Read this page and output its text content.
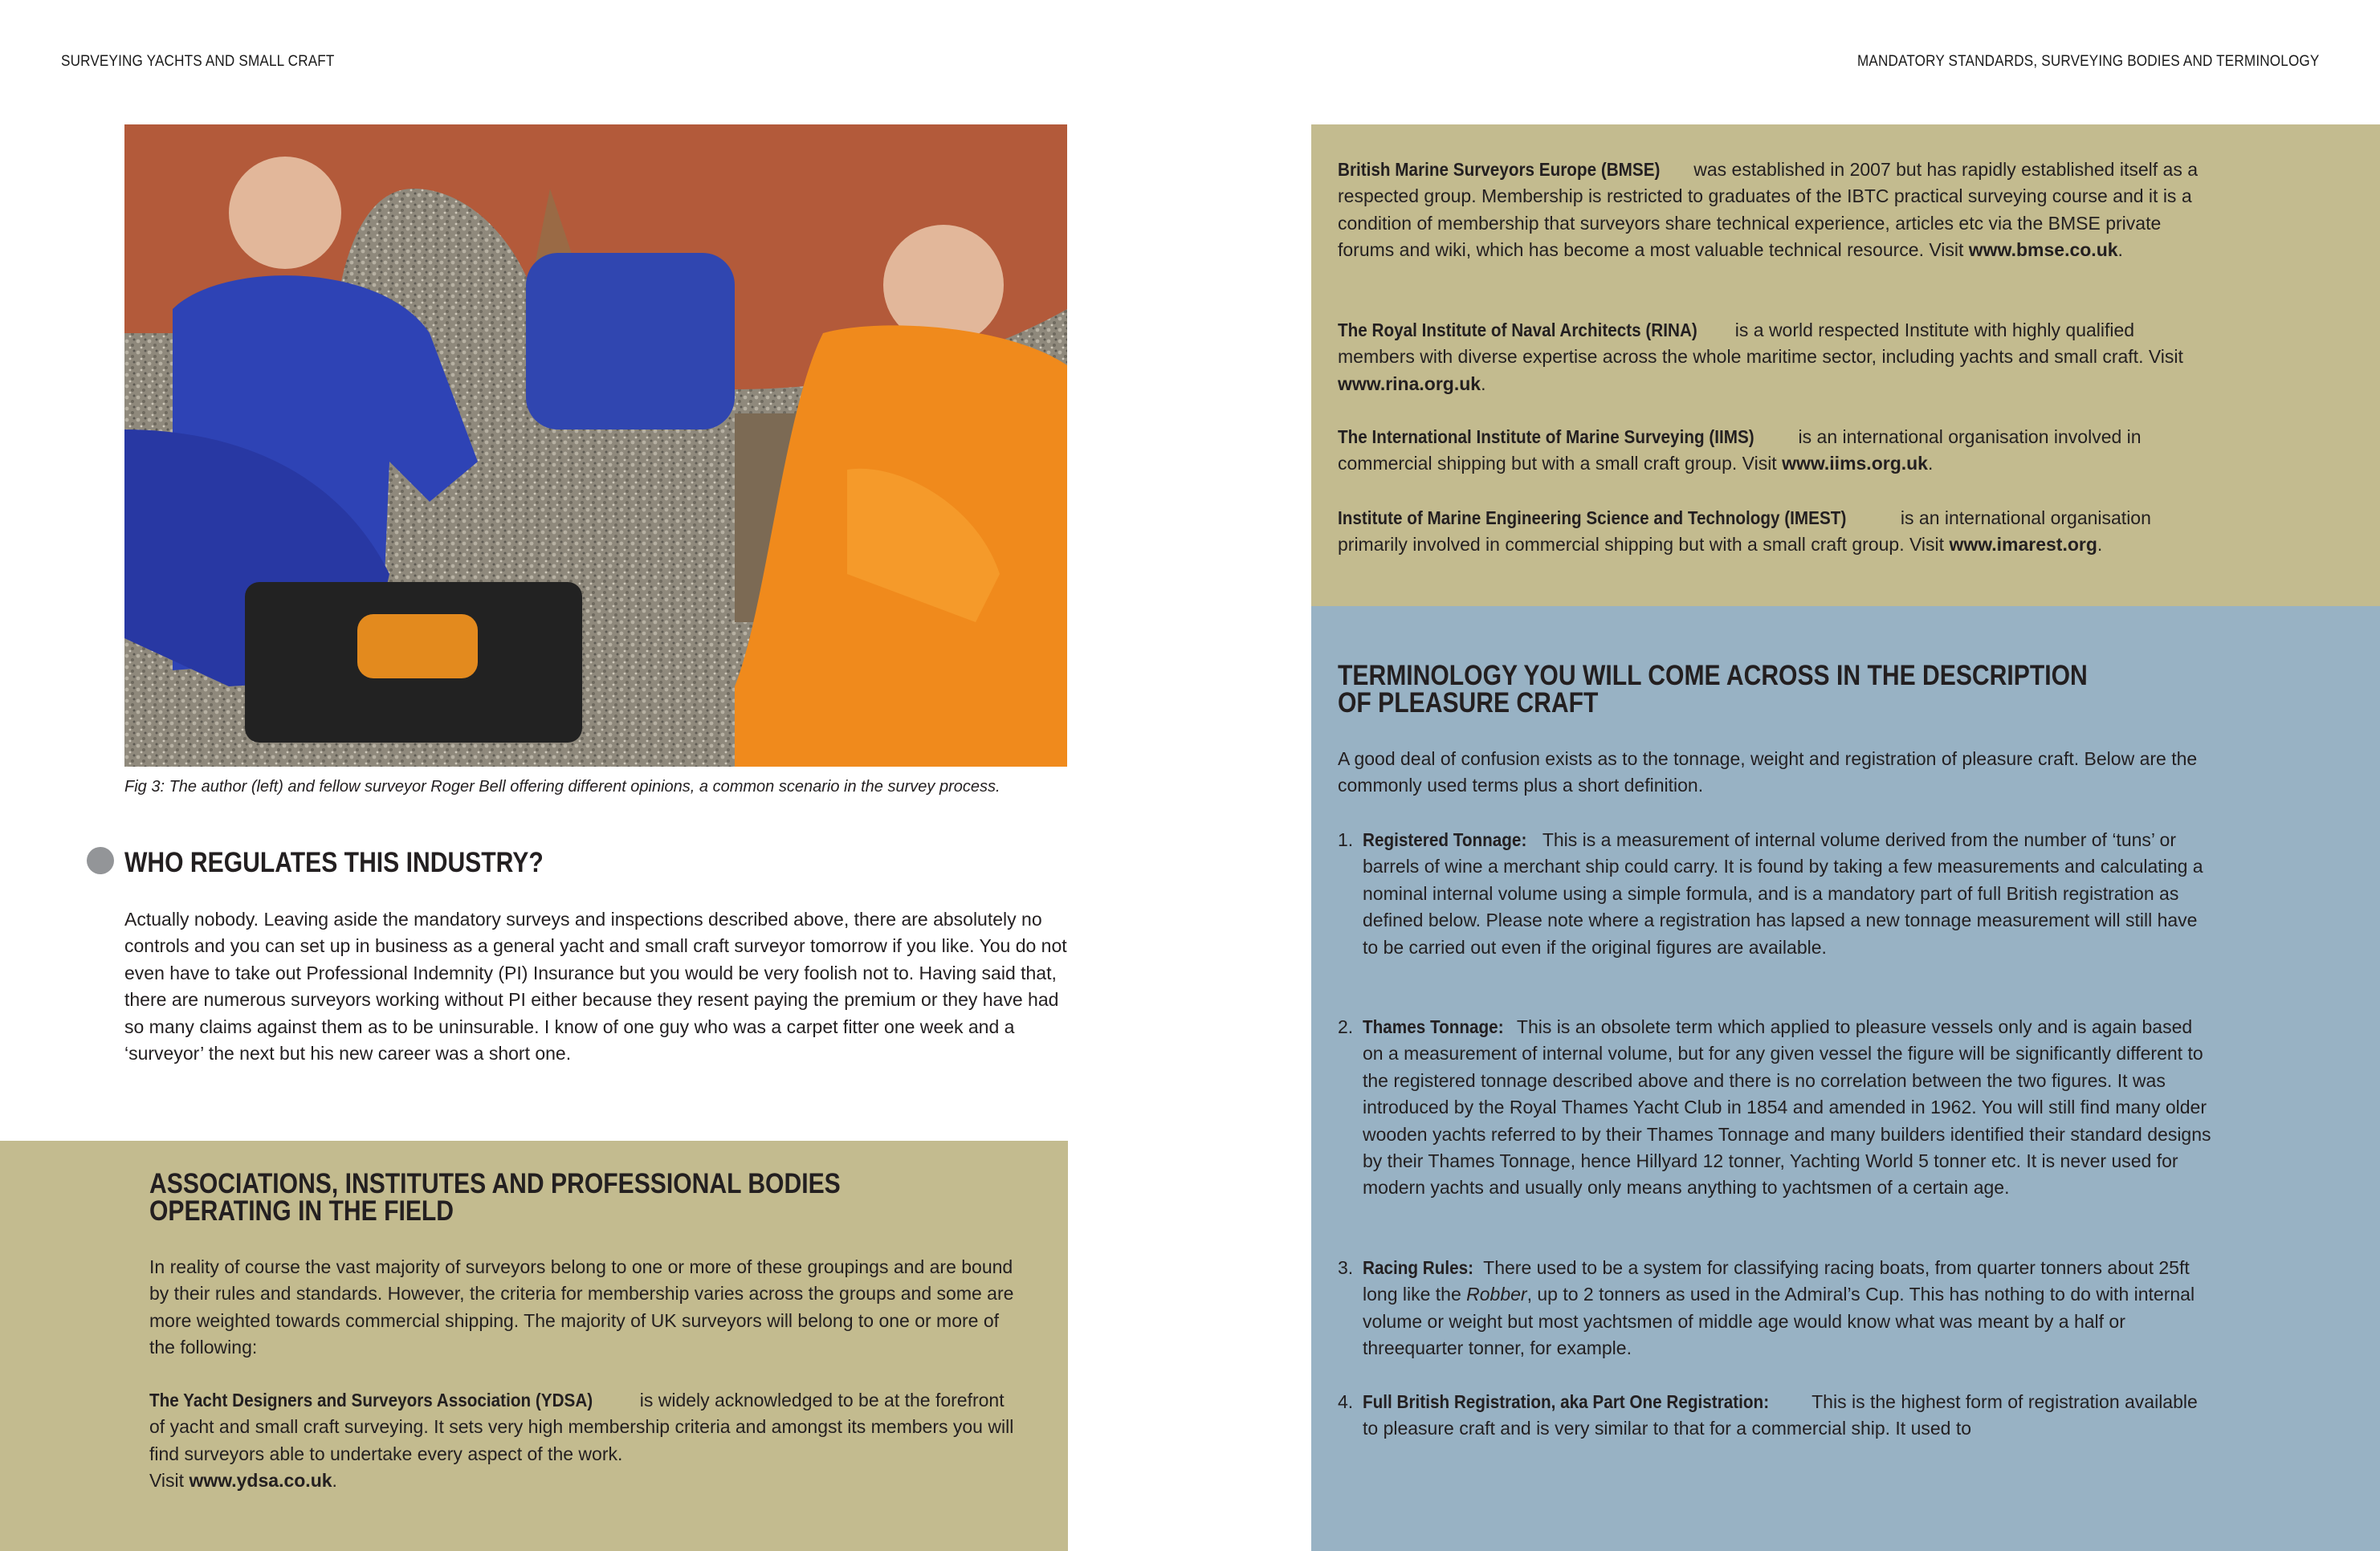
SURVEYING YACHTS AND SMALL CRAFT	MANDATORY STANDARDS, SURVEYING BODIES AND TERMINOLOGY
Fig 3: The author (left) and fellow surveyor Roger Bell offering different opinions, a common scenario in the survey process.
WHO REGULATES THIS INDUSTRY?
Actually nobody. Leaving aside the mandatory surveys and inspections described above, there are absolutely no controls and you can set up in business as a general yacht and small craft surveyor tomorrow if you like. You do not even have to take out Professional Indemnity (PI) Insurance but you would be very foolish not to. Having said that, there are numerous surveyors working without PI either because they resent paying the premium or they have had so many claims against them as to be uninsurable. I know of one guy who was a carpet fitter one week and a ‘surveyor’ the next but his new career was a short one.
ASSOCIATIONS, INSTITUTES AND PROFESSIONAL BODIES
OPERATING IN THE FIELD
In reality of course the vast majority of surveyors belong to one or more of these groupings and are bound by their rules and standards. However, the criteria for membership varies across the groups and some are more weighted towards commercial shipping. The majority of UK surveyors will belong to one or more of the following:
The Yacht Designers and Surveyors Association (YDSA) is widely acknowledged to be at the forefront of yacht and small craft surveying. It sets very high membership criteria and amongst its members you will find surveyors able to undertake every aspect of the work.
Visit www.ydsa.co.uk.
British Marine Surveyors Europe (BMSE) was established in 2007 but has rapidly established itself as a respected group. Membership is restricted to graduates of the IBTC practical surveying course and it is a condition of membership that surveyors share technical experience, articles etc via the BMSE private forums and wiki, which has become a most valuable technical resource. Visit www.bmse.co.uk.
The Royal Institute of Naval Architects (RINA) is a world respected Institute with highly qualified members with diverse expertise across the whole maritime sector, including yachts and small craft. Visit www.rina.org.uk.
The International Institute of Marine Surveying (IIMS) is an international organisation involved in commercial shipping but with a small craft group. Visit www.iims.org.uk.
Institute of Marine Engineering Science and Technology (IMEST)	is an international organisation primarily involved in commercial shipping but with a small craft group. Visit www.imarest.org.
TERMINOLOGY YOU WILL COME ACROSS IN THE DESCRIPTION
OF PLEASURE CRAFT
A good deal of confusion exists as to the tonnage, weight and registration of pleasure craft. Below are the commonly used terms plus a short definition.
1. Registered Tonnage: This is a measurement of internal volume derived from the number of ‘tuns’ or barrels of wine a merchant ship could carry. It is found by taking a few measurements and calculating a nominal internal volume using a simple formula, and is a mandatory part of full British registration as defined below. Please note where a registration has lapsed a new tonnage measurement will still have to be carried out even if the original figures are available.
2. Thames Tonnage: This is an obsolete term which applied to pleasure vessels only and is again based on a measurement of internal volume, but for any given vessel the figure will be significantly different to the registered tonnage described above and there is no correlation between the two figures. It was introduced by the Royal Thames Yacht Club in 1854 and amended in 1962. You will still find many older wooden yachts referred to by their Thames Tonnage and many builders identified their standard designs by their Thames Tonnage, hence Hillyard 12 tonner, Yachting World 5 tonner etc. It is never used for modern yachts and usually only means anything to yachtsmen of a certain age.
3. Racing Rules: There used to be a system for classifying racing boats, from quarter tonners about 25ft long like the Robber, up to 2 tonners as used in the Admiral’s Cup. This has nothing to do with internal volume or weight but most yachtsmen of middle age would know what was meant by a half or threequarter tonner, for example.
4. Full British Registration, aka Part One Registration: This is the highest form of registration available to pleasure craft and is very similar to that for a commercial ship. It used to
